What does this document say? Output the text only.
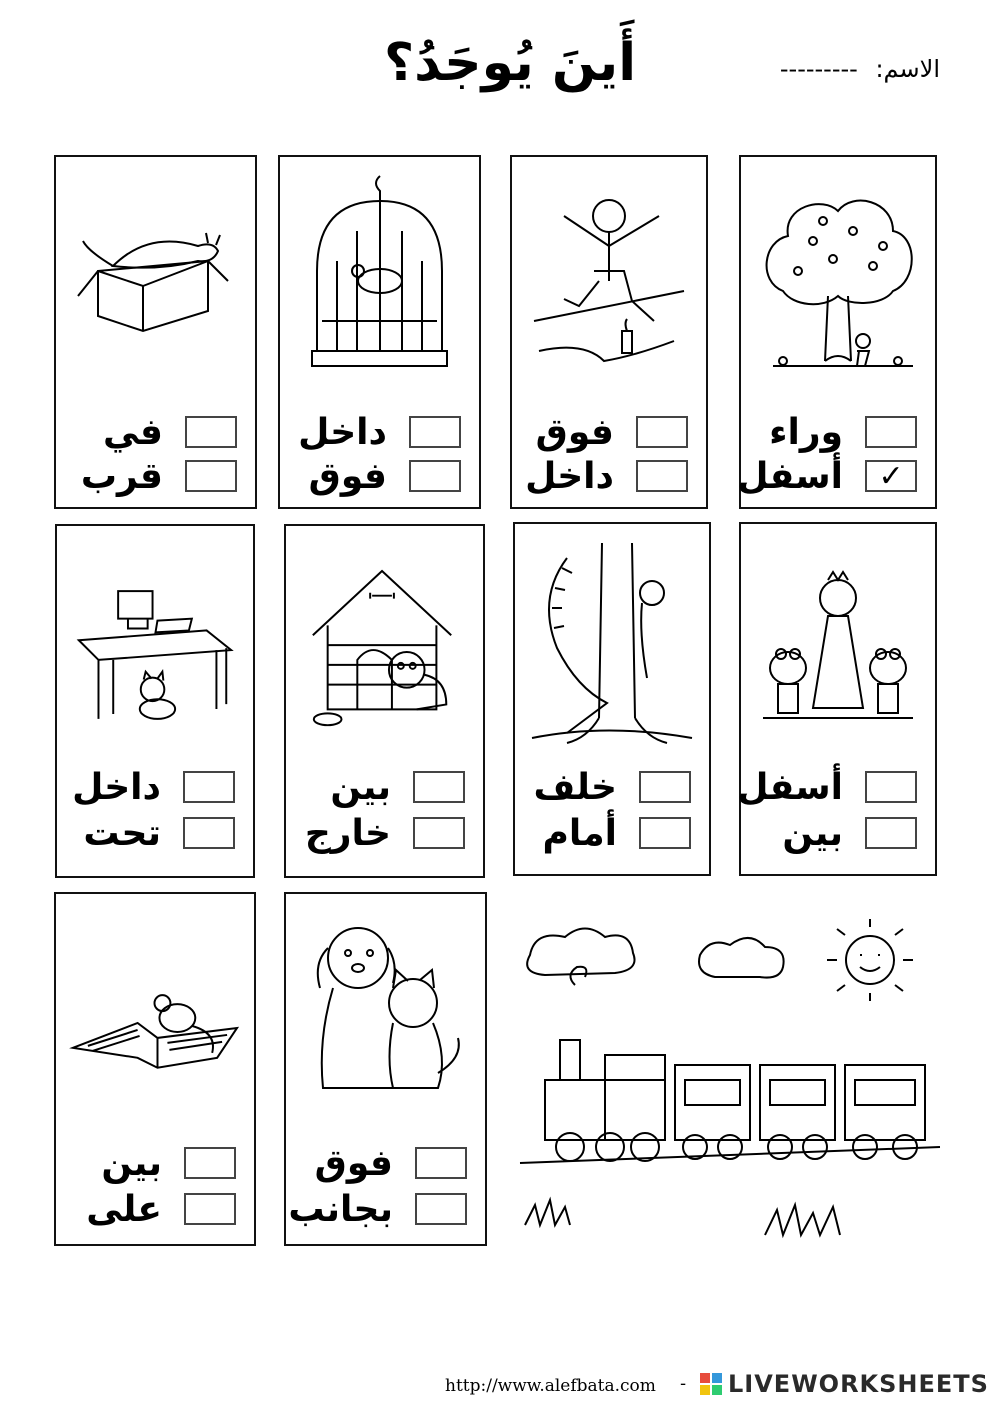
أَينَ يُوجَدُ؟	الاسم: ---------
وراء
✓
أسفل
فوق
داخل
داخل
فوق
في
قرب
أسفل
بين
خلف
أمام
بين
خارج
داخل
تحت
فوق
بجانب
بين
على
http://www.alefbata.com - LIVEWORKSHEETS
